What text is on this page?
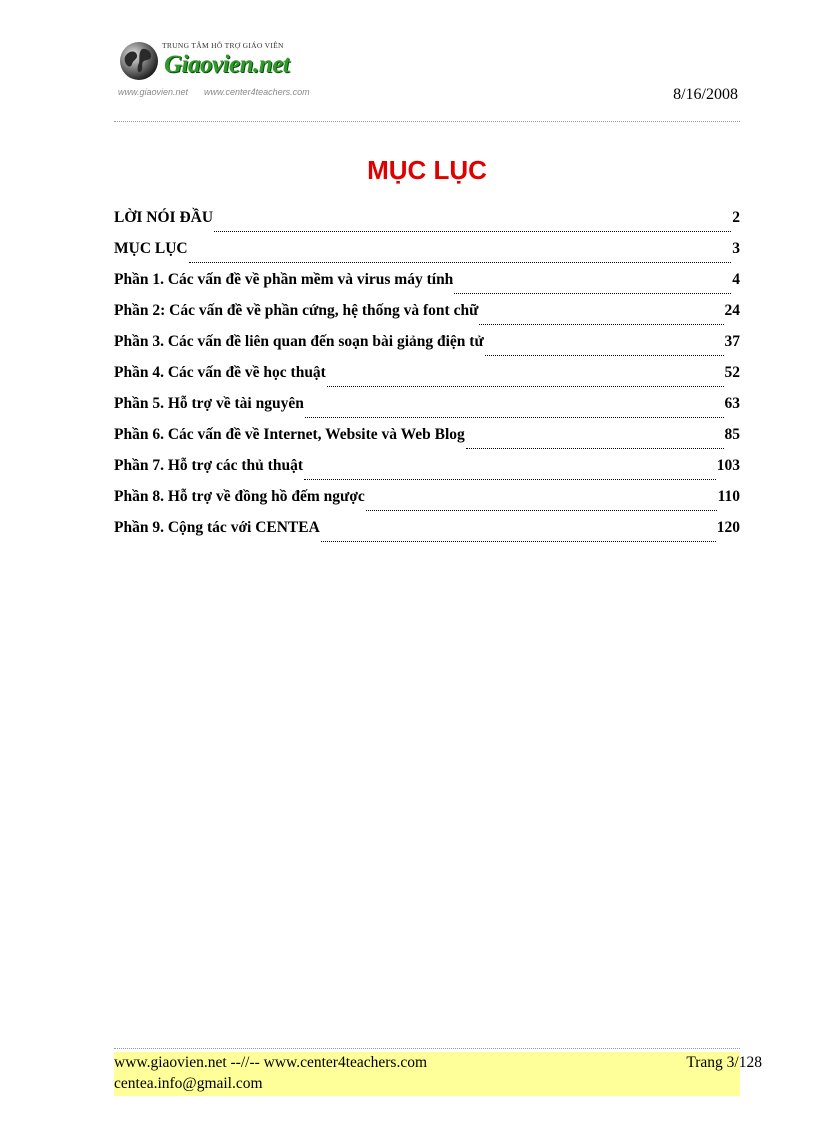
TRUNG TÂM HỖ TRỢ GIÁO VIÊN
Giaovien.net
www.giaovien.net www.center4teachers.com	8/16/2008
MỤC LỤC
LỜI NÓI ĐẦU	2
MỤC LỤC	3
Phần 1. Các vấn đề về phần mềm và virus máy tính	4
Phần 2: Các vấn đề về phần cứng, hệ thống và font chữ	24
Phần 3. Các vấn đề liên quan đến soạn bài giảng điện tử	37
Phần 4. Các vấn đề về học thuật	52
Phần 5. Hỗ trợ về tài nguyên	63
Phần 6. Các vấn đề về Internet, Website và Web Blog	85
Phần 7. Hỗ trợ các thủ thuật	103
Phần 8. Hỗ trợ về đồng hồ đếm ngược	110
Phần 9. Cộng tác với CENTEA	120
www.giaovien.net --//-- www.center4teachers.com
centea.info@gmail.com
Trang 3/128
